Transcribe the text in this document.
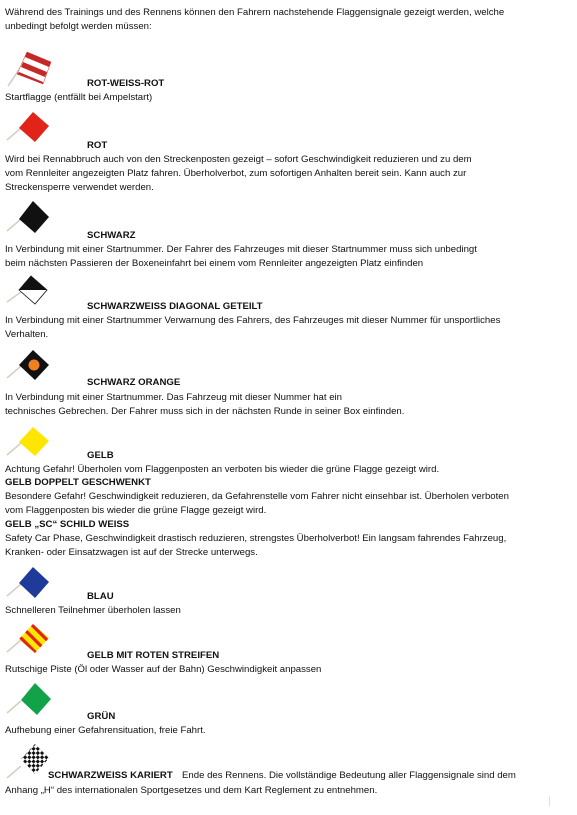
Während des Trainings und des Rennens können den Fahrern nachstehende Flaggensignale gezeigt werden, welche

unbedingt befolgt werden müssen:

ROT-WEISS-ROT

Startflagge (entfällt bei Ampelstart)

ROT

Wird bei Rennabbruch auch von den Streckenposten gezeigt – sofort Geschwindigkeit reduzieren und zu dem

vom Rennleiter angezeigten Platz fahren. Überholverbot, zum sofortigen Anhalten bereit sein. Kann auch zur

Streckensperre verwendet werden.

SCHWARZ

In Verbindung mit einer Startnummer. Der Fahrer des Fahrzeuges mit dieser Startnummer muss sich unbedingt

beim nächsten Passieren der Boxeneinfahrt bei einem vom Rennleiter angezeigten Platz einfinden

SCHWARZWEISS DIAGONAL GETEILT

In Verbindung mit einer Startnummer Verwarnung des Fahrers, des Fahrzeuges mit dieser Nummer für unsportliches

Verhalten.

SCHWARZ ORANGE

In Verbindung mit einer Startnummer. Das Fahrzeug mit dieser Nummer hat ein

technisches Gebrechen. Der Fahrer muss sich in der nächsten Runde in seiner Box einfinden.

GELB

Achtung Gefahr! Überholen vom Flaggenposten an verboten bis wieder die grüne Flagge gezeigt wird.

GELB DOPPELT GESCHWENKT

Besondere Gefahr! Geschwindigkeit reduzieren, da Gefahrenstelle vom Fahrer nicht einsehbar ist. Überholen verboten

vom Flaggenposten bis wieder die grüne Flagge gezeigt wird.

GELB „SC“ SCHILD WEISS

Safety Car Phase, Geschwindigkeit drastisch reduzieren, strengstes Überholverbot! Ein langsam fahrendes Fahrzeug,

Kranken- oder Einsatzwagen ist auf der Strecke unterwegs.

BLAU

Schnelleren Teilnehmer überholen lassen

GELB MIT ROTEN STREIFEN

Rutschige Piste (Öl oder Wasser auf der Bahn) Geschwindigkeit anpassen

GRÜN

Aufhebung einer Gefahrensituation, freie Fahrt.

SCHWARZWEISS KARIERT Ende des Rennens. Die vollständige Bedeutung aller Flaggensignale sind dem

Anhang „H“ des internationalen Sportgesetzes und dem Kart Reglement zu entnehmen.
